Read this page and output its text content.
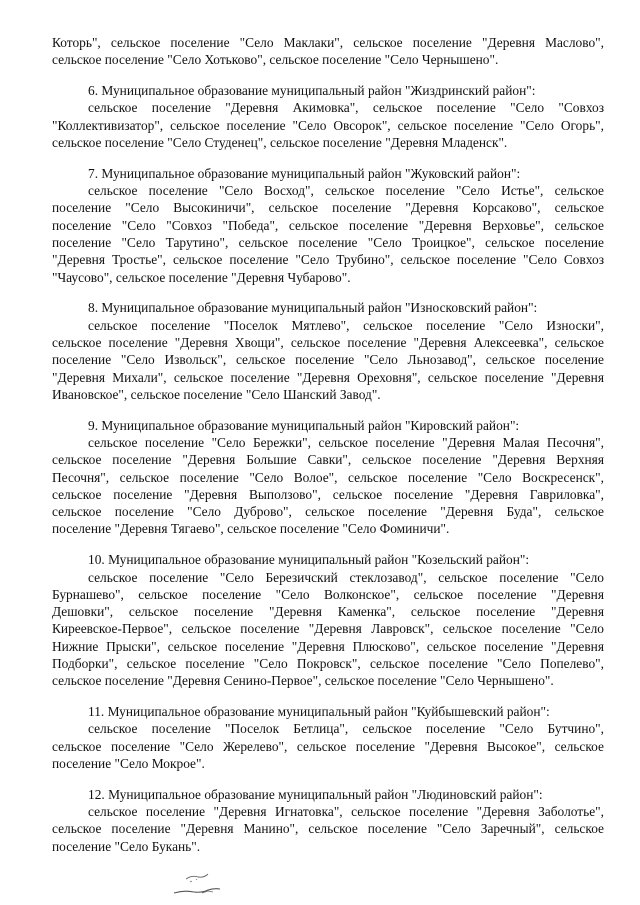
Которь", сельское поселение "Село Маклаки", сельское поселение "Деревня Маслово",
сельское поселение "Село Хотьково", сельское поселение "Село Чернышено".
6. Муниципальное образование муниципальный район "Жиздринский район":
сельское поселение "Деревня Акимовка", сельское поселение "Село "Совхоз
"Коллективизатор", сельское поселение "Село Овсорок", сельское поселение "Село Огорь",
сельское поселение "Село Студенец", сельское поселение "Деревня Младенск".
7. Муниципальное образование муниципальный район "Жуковский район":
сельское поселение "Село Восход", сельское поселение "Село Истье", сельское
поселение "Село Высокиничи", сельское поселение "Деревня Корсаково", сельское
поселение "Село "Совхоз "Победа", сельское поселение "Деревня Верховье", сельское
поселение "Село Тарутино", сельское поселение "Село Троицкое", сельское поселение
"Деревня Тростье", сельское поселение "Село Трубино", сельское поселение "Село Совхоз
"Чаусово", сельское поселение "Деревня Чубарово".
8. Муниципальное образование муниципальный район "Износковский район":
сельское поселение "Поселок Мятлево", сельское поселение "Село Износки",
сельское поселение "Деревня Хвощи", сельское поселение "Деревня Алексеевка", сельское
поселение "Село Извольск", сельское поселение "Село Льнозавод", сельское поселение
"Деревня Михали", сельское поселение "Деревня Ореховня", сельское поселение "Деревня
Ивановское", сельское поселение "Село Шанский Завод".
9. Муниципальное образование муниципальный район "Кировский район":
сельское поселение "Село Бережки", сельское поселение "Деревня Малая Песочня",
сельское поселение "Деревня Большие Савки", сельское поселение "Деревня Верхняя
Песочня", сельское поселение "Село Волое", сельское поселение "Село Воскресенск",
сельское поселение "Деревня Выползово", сельское поселение "Деревня Гавриловка",
сельское поселение "Село Дуброво", сельское поселение "Деревня Буда", сельское
поселение "Деревня Тягаево", сельское поселение "Село Фоминичи".
10. Муниципальное образование муниципальный район "Козельский район":
сельское поселение "Село Березичский стеклозавод", сельское поселение "Село
Бурнашево", сельское поселение "Село Волконское", сельское поселение "Деревня
Дешовки", сельское поселение "Деревня Каменка", сельское поселение "Деревня
Киреевское-Первое", сельское поселение "Деревня Лавровск", сельское поселение "Село
Нижние Прыски", сельское поселение "Деревня Плюсково", сельское поселение "Деревня
Подборки", сельское поселение "Село Покровск", сельское поселение "Село Попелево",
сельское поселение "Деревня Сенино-Первое", сельское поселение "Село Чернышено".
11. Муниципальное образование муниципальный район "Куйбышевский район":
сельское поселение "Поселок Бетлица", сельское поселение "Село Бутчино",
сельское поселение "Село Жерелево", сельское поселение "Деревня Высокое", сельское
поселение "Село Мокрое".
12. Муниципальное образование муниципальный район "Людиновский район":
сельское поселение "Деревня Игнатовка", сельское поселение "Деревня Заболотье",
сельское поселение "Деревня Манино", сельское поселение "Село Заречный", сельское
поселение "Село Букань".
